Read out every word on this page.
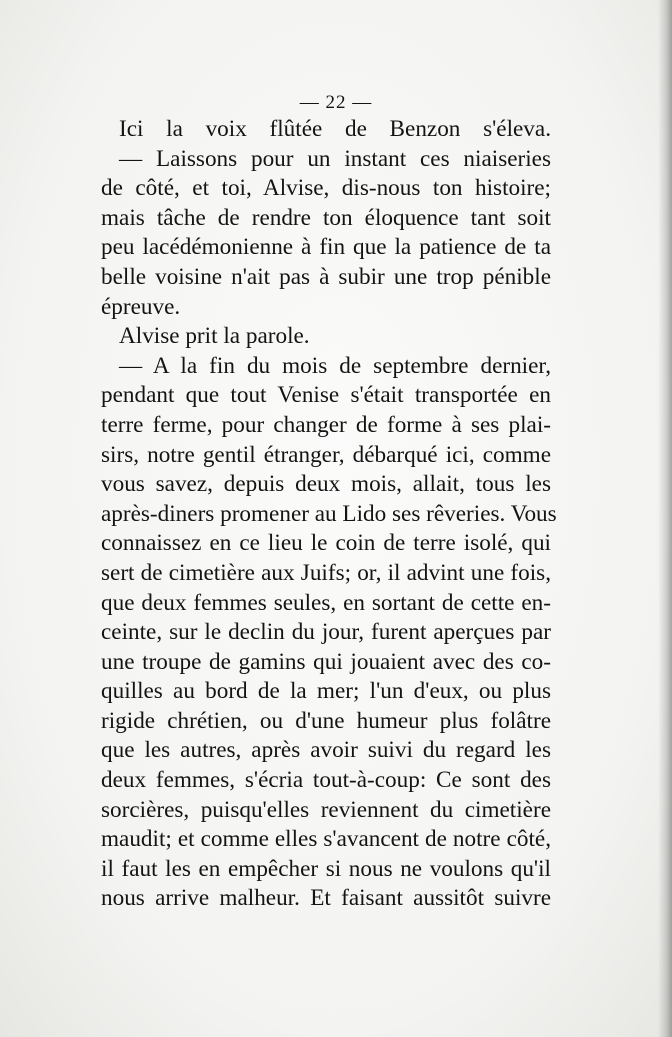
— 22 —
Ici la voix flûtée de Benzon s'éleva.
— Laissons pour un instant ces niaiseries
de côté, et toi, Alvise, dis-nous ton histoire;
mais tâche de rendre ton éloquence tant soit
peu lacédémonienne à fin que la patience de ta
belle voisine n'ait pas à subir une trop pénible
épreuve.
Alvise prit la parole.
— A la fin du mois de septembre dernier,
pendant que tout Venise s'était transportée en
terre ferme, pour changer de forme à ses plai-
sirs, notre gentil étranger, débarqué ici, comme
vous savez, depuis deux mois, allait, tous les
après-diners promener au Lido ses rêveries. Vous
connaissez en ce lieu le coin de terre isolé, qui
sert de cimetière aux Juifs; or, il advint une fois,
que deux femmes seules, en sortant de cette en-
ceinte, sur le declin du jour, furent aperçues par
une troupe de gamins qui jouaient avec des co-
quilles au bord de la mer; l'un d'eux, ou plus
rigide chrétien, ou d'une humeur plus folâtre
que les autres, après avoir suivi du regard les
deux femmes, s'écria tout-à-coup: Ce sont des
sorcières, puisqu'elles reviennent du cimetière
maudit; et comme elles s'avancent de notre côté,
il faut les en empêcher si nous ne voulons qu'il
nous arrive malheur. Et faisant aussitôt suivre
